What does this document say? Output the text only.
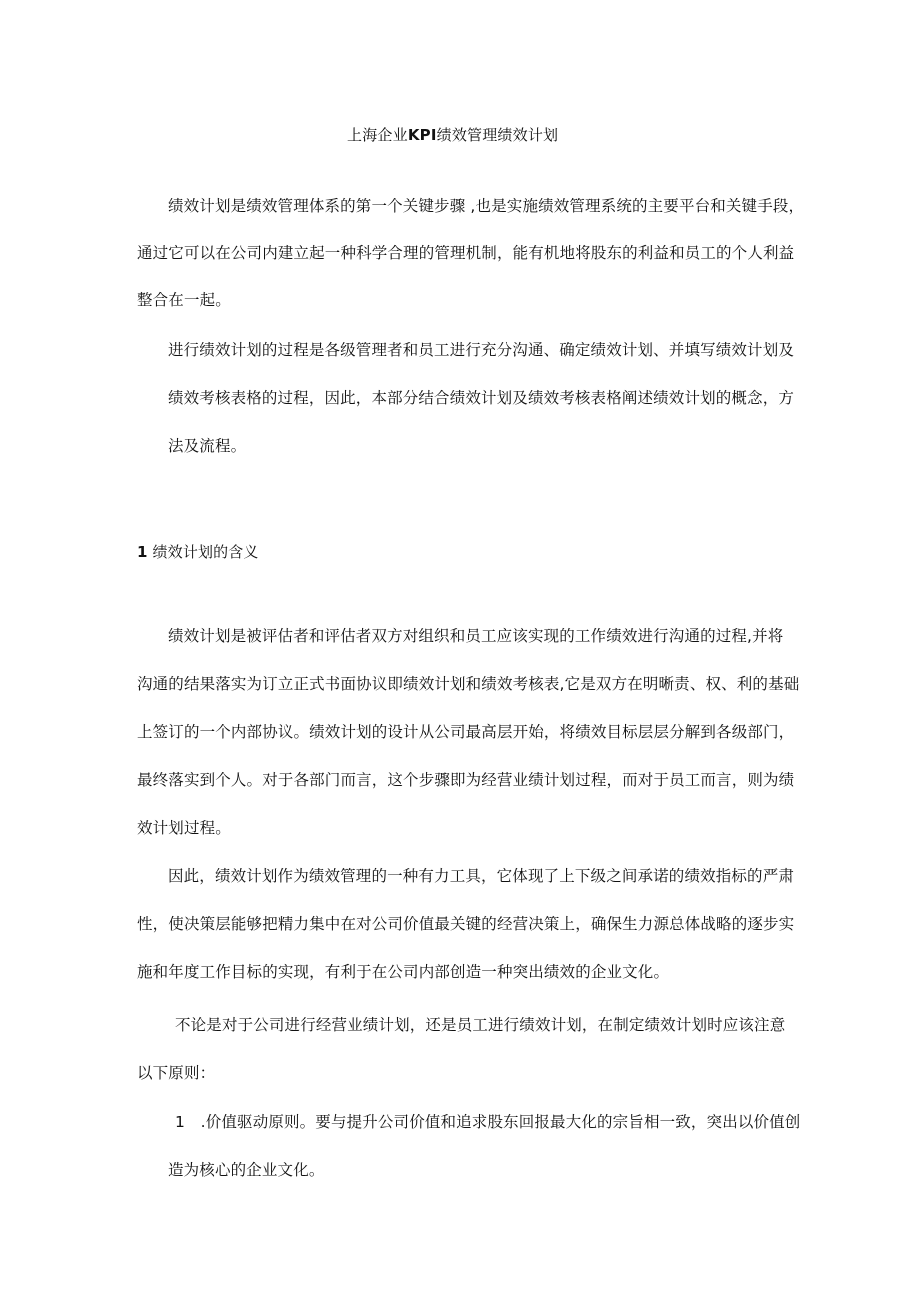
上海企业KPI绩效管理绩效计划

绩效计划是绩效管理体系的第一个关键步骤 ,也是实施绩效管理系统的主要平台和关键手段，

通过它可以在公司内建立起一种科学合理的管理机制，能有机地将股东的利益和员工的个人利益

整合在一起。

进行绩效计划的过程是各级管理者和员工进行充分沟通、确定绩效计划、并填写绩效计划及

绩效考核表格的过程，因此，本部分结合绩效计划及绩效考核表格阐述绩效计划的概念，方

法及流程。

1 绩效计划的含义

绩效计划是被评估者和评估者双方对组织和员工应该实现的工作绩效进行沟通的过程,并将

沟通的结果落实为订立正式书面协议即绩效计划和绩效考核表,它是双方在明晰责、权、利的基础

上签订的一个内部协议。绩效计划的设计从公司最高层开始，将绩效目标层层分解到各级部门，

最终落实到个人。对于各部门而言，这个步骤即为经营业绩计划过程，而对于员工而言，则为绩

效计划过程。

因此，绩效计划作为绩效管理的一种有力工具，它体现了上下级之间承诺的绩效指标的严肃

性，使决策层能够把精力集中在对公司价值最关键的经营决策上，确保生力源总体战略的逐步实

施和年度工作目标的实现，有利于在公司内部创造一种突出绩效的企业文化。

不论是对于公司进行经营业绩计划，还是员工进行绩效计划，在制定绩效计划时应该注意

以下原则：

1　.价值驱动原则。要与提升公司价值和追求股东回报最大化的宗旨相一致，突出以价值创

造为核心的企业文化。
